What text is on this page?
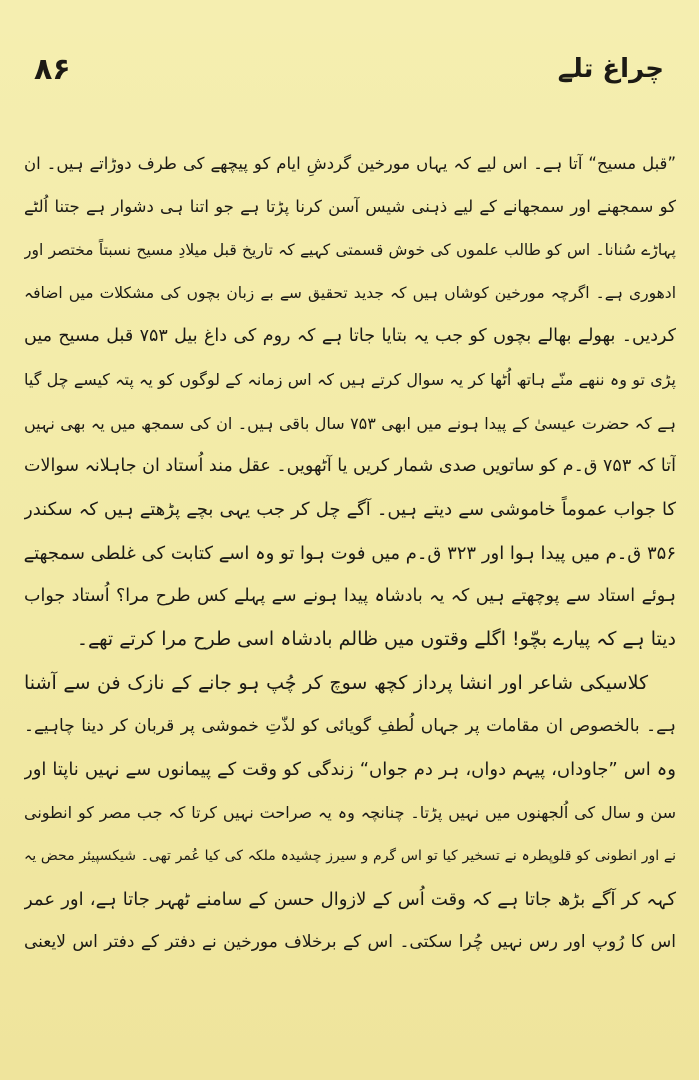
۸۶	چراغ تلے
”قبل مسیح“ آتا ہے۔ اس لیے کہ یہاں مورخین گردشِ ایام کو پیچھے کی طرف دوڑاتے ہیں۔ ان
کو سمجھنے اور سمجھانے کے لیے ذہنی شیس آسن کرنا پڑتا ہے جو اتنا ہی دشوار ہے جتنا اُلٹے
پہاڑے سُنانا۔ اس کو طالب علموں کی خوش قسمتی کہیے کہ تاریخ قبل میلادِ مسیح نسبتاً مختصر اور
ادھوری ہے۔ اگرچہ مورخین کوشاں ہیں کہ جدید تحقیق سے بے زبان بچوں کی مشکلات میں اضافہ
کردیں۔ بھولے بھالے بچوں کو جب یہ بتایا جاتا ہے کہ روم کی داغ بیل ۷۵۳ قبل مسیح میں
پڑی تو وہ ننھے منّے ہاتھ اُٹھا کر یہ سوال کرتے ہیں کہ اس زمانہ کے لوگوں کو یہ پتہ کیسے چل گیا
ہے کہ حضرت عیسیٰ کے پیدا ہونے میں ابھی ۷۵۳ سال باقی ہیں۔ ان کی سمجھ میں یہ بھی نہیں
آتا کہ ۷۵۳ ق۔م کو ساتویں صدی شمار کریں یا آٹھویں۔ عقل مند اُستاد ان جاہلانہ سوالات
کا جواب عموماً خاموشی سے دیتے ہیں۔ آگے چل کر جب یہی بچے پڑھتے ہیں کہ سکندر
۳۵۶ ق۔م میں پیدا ہوا اور ۳۲۳ ق۔م میں فوت ہوا تو وہ اسے کتابت کی غلطی سمجھتے
ہوئے استاد سے پوچھتے ہیں کہ یہ بادشاہ پیدا ہونے سے پہلے کس طرح مرا؟ اُستاد جواب
دیتا ہے کہ پیارے بچّو! اگلے وقتوں میں ظالم بادشاہ اسی طرح مرا کرتے تھے۔
کلاسیکی شاعر اور انشا پرداز کچھ سوچ کر چُپ ہو جانے کے نازک فن سے آشنا
ہے۔ بالخصوص ان مقامات پر جہاں لُطفِ گویائی کو لذّتِ خموشی پر قربان کر دینا چاہیے۔
وہ اس ”جاوداں، پیہم دواں، ہر دم جواں“ زندگی کو وقت کے پیمانوں سے نہیں ناپتا اور
سن و سال کی اُلجھنوں میں نہیں پڑتا۔ چنانچہ وہ یہ صراحت نہیں کرتا کہ جب مصر کو انطونی
نے اور انطونی کو قلوپطرہ نے تسخیر کیا تو اس گرم و سیرز چشیدہ ملکہ کی کیا عُمر تھی۔ شیکسپیئر محض یہ
کہہ کر آگے بڑھ جاتا ہے کہ وقت اُس کے لازوال حسن کے سامنے ٹھہر جاتا ہے، اور عمر
اس کا رُوپ اور رس نہیں چُرا سکتی۔ اس کے برخلاف مورخین نے دفتر کے دفتر اس لایعنی
